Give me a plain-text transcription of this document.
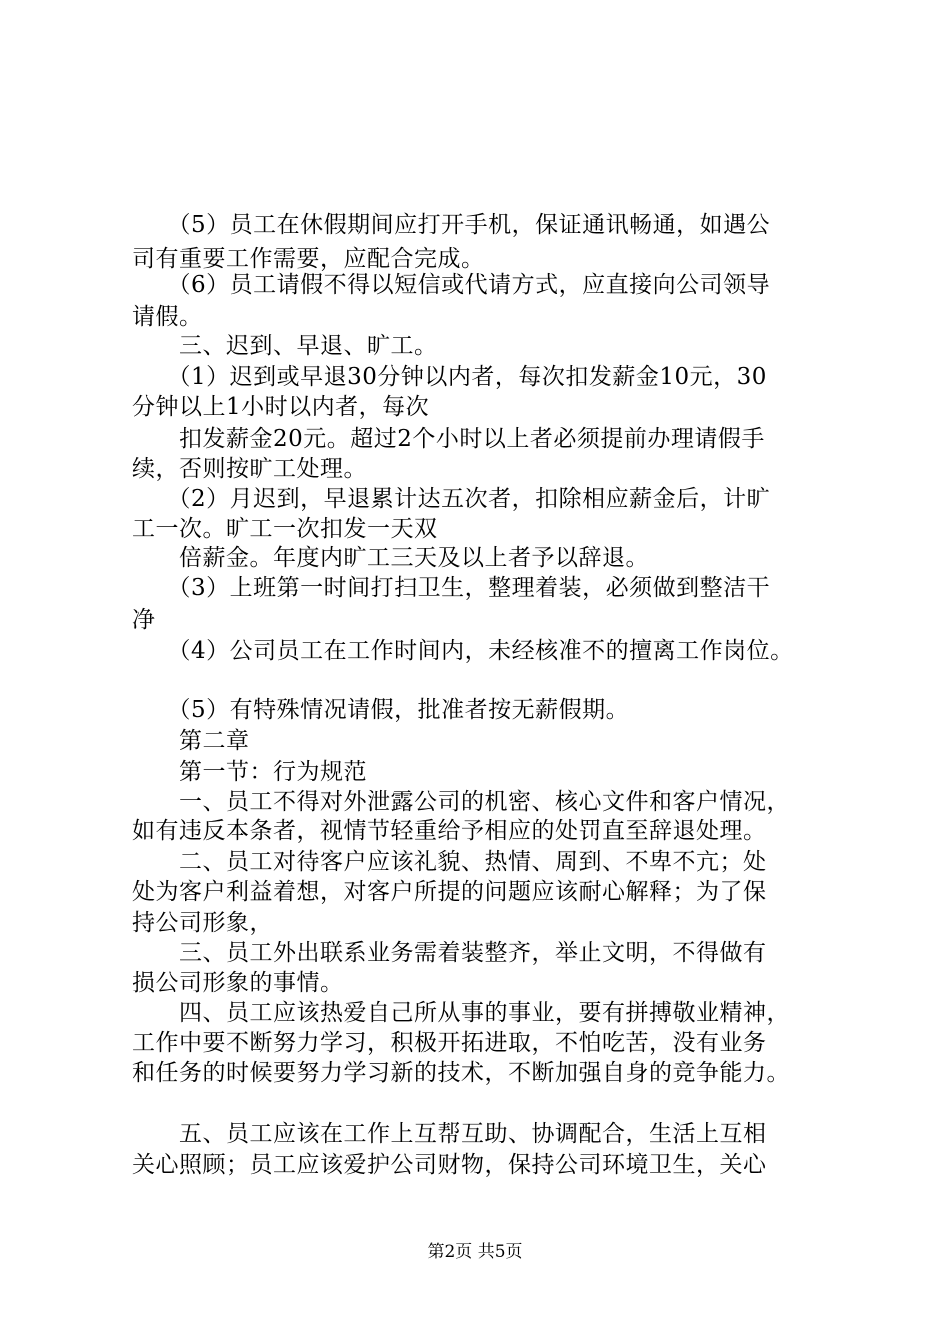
　　（5）员工在休假期间应打开手机，保证通讯畅通，如遇公
司有重要工作需要，应配合完成。
　　（6）员工请假不得以短信或代请方式，应直接向公司领导
请假。
　　三、迟到、早退、旷工。
　　（1）迟到或早退30分钟以内者，每次扣发薪金10元，30
分钟以上1小时以内者，每次
　　扣发薪金20元。超过2个小时以上者必须提前办理请假手
续，否则按旷工处理。
　　（2）月迟到，早退累计达五次者，扣除相应薪金后，计旷
工一次。旷工一次扣发一天双
　　倍薪金。年度内旷工三天及以上者予以辞退。
　　（3）上班第一时间打扫卫生，整理着装，必须做到整洁干
净
　　（4）公司员工在工作时间内，未经核准不的擅离工作岗位。
　　（5）有特殊情况请假，批准者按无薪假期。
　　第二章
　　第一节：行为规范
　　一、员工不得对外泄露公司的机密、核心文件和客户情况，
如有违反本条者，视情节轻重给予相应的处罚直至辞退处理。
　　二、员工对待客户应该礼貌、热情、周到、不卑不亢；处
处为客户利益着想，对客户所提的问题应该耐心解释；为了保
持公司形象，
　　三、员工外出联系业务需着装整齐，举止文明，不得做有
损公司形象的事情。
　　四、员工应该热爱自己所从事的事业，要有拼搏敬业精神，
工作中要不断努力学习，积极开拓进取，不怕吃苦，没有业务
和任务的时候要努力学习新的技术，不断加强自身的竞争能力。
　　五、员工应该在工作上互帮互助、协调配合，生活上互相
关心照顾；员工应该爱护公司财物，保持公司环境卫生，关心
第2页 共5页
